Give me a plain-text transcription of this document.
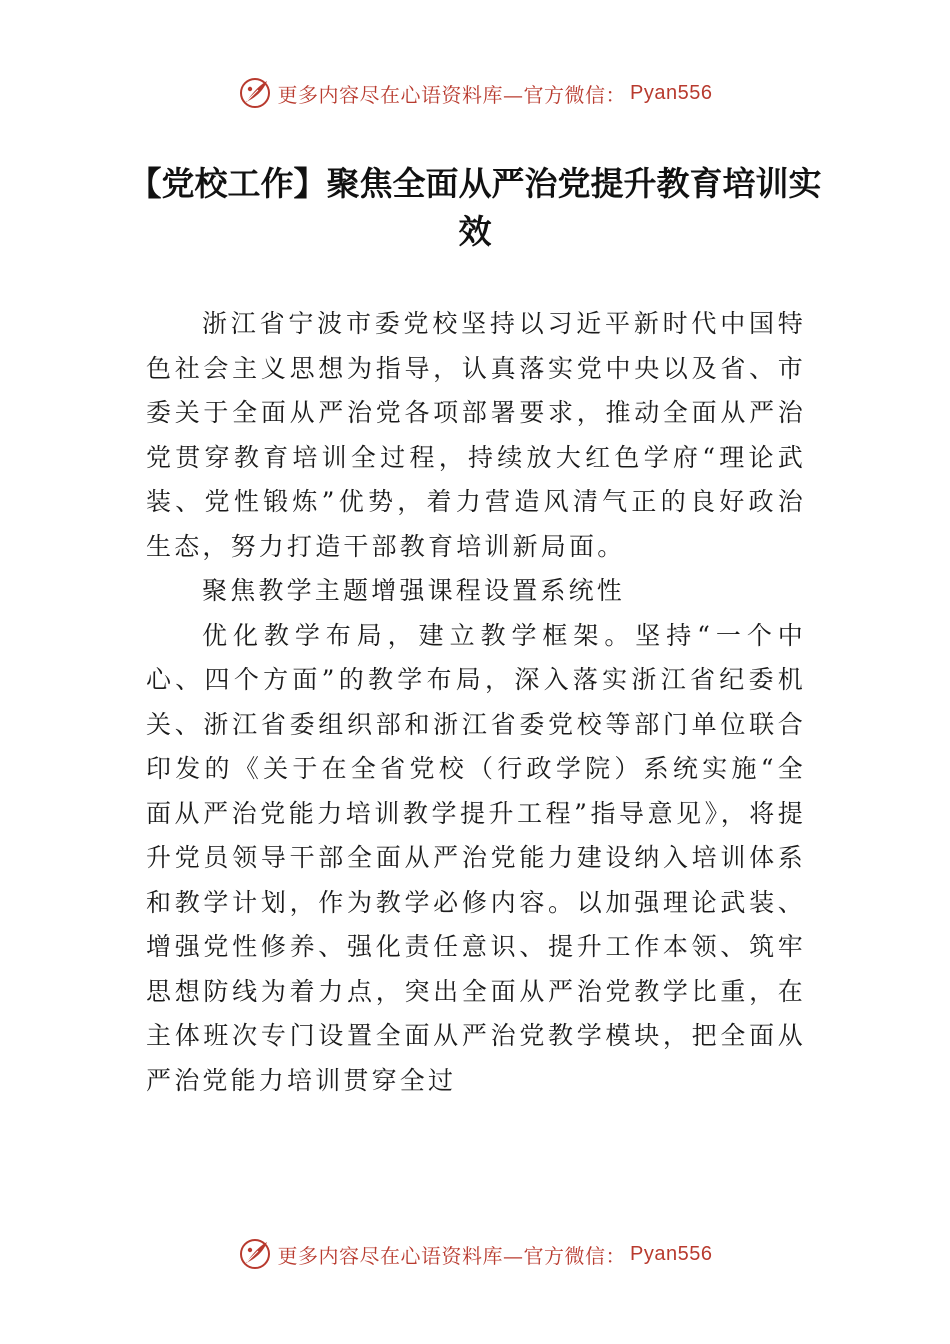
更多内容尽在心语资料库—官方微信： Pyan556
【党校工作】聚焦全面从严治党提升教育培训实效

浙江省宁波市委党校坚持以习近平新时代中国特色社会主义思想为指导，认真落实党中央以及省、市委关于全面从严治党各项部署要求，推动全面从严治党贯穿教育培训全过程，持续放大红色学府“理论武装、党性锻炼”优势，着力营造风清气正的良好政治生态，努力打造干部教育培训新局面。

聚焦教学主题增强课程设置系统性

优化教学布局，建立教学框架。坚持“一个中心、四个方面”的教学布局，深入落实浙江省纪委机关、浙江省委组织部和浙江省委党校等部门单位联合印发的《关于在全省党校（行政学院）系统实施“全面从严治党能力培训教学提升工程”指导意见》，将提升党员领导干部全面从严治党能力建设纳入培训体系和教学计划，作为教学必修内容。以加强理论武装、增强党性修养、强化责任意识、提升工作本领、筑牢思想防线为着力点，突出全面从严治党教学比重，在主体班次专门设置全面从严治党教学模块，把全面从严治党能力培训贯穿全过

更多内容尽在心语资料库—官方微信： Pyan556
